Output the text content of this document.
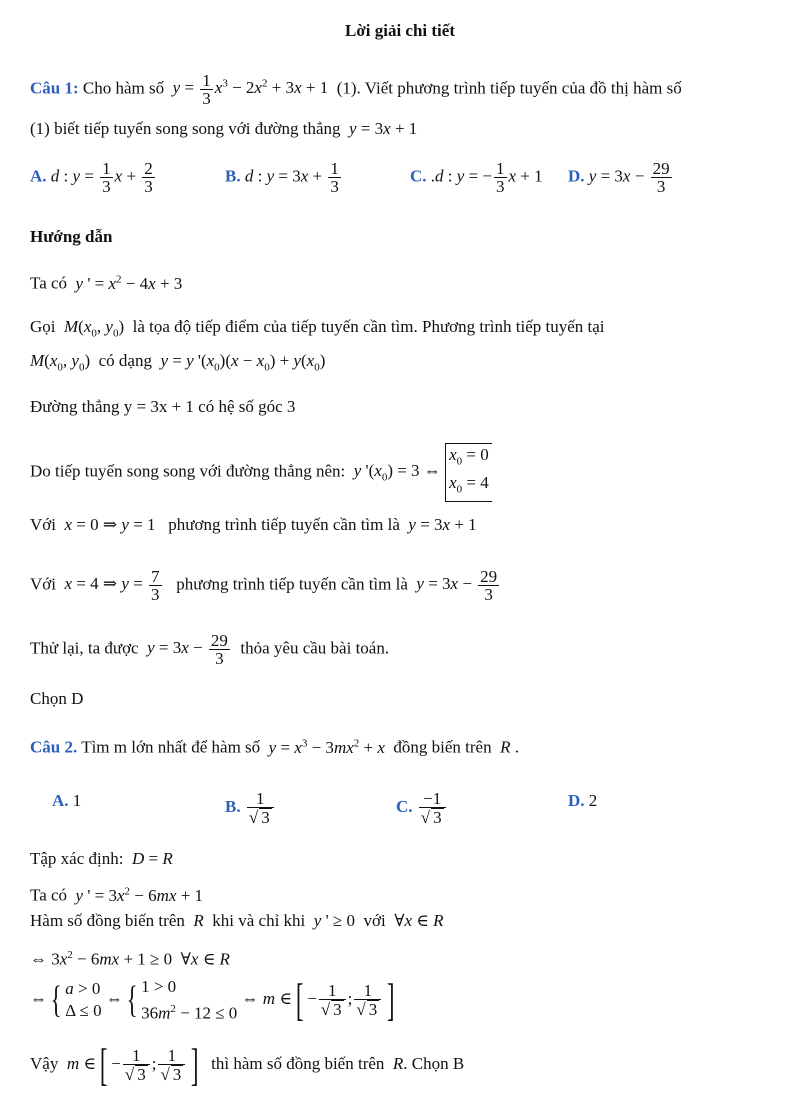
Lời giải chi tiết
Câu 1: Cho hàm số $y = \frac{1}{3} x^3 - 2x^2 + 3x + 1$  (1). Viết phương trình tiếp tuyến của đồ thị hàm số
(1) biết tiếp tuyến song song với đường thẳng y = 3x + 1
A. d : $y = \frac{1}{3}$ $x + \frac{2}{3}$	B. d : $y = 3x + \frac{1}{3}$	C. .d : y = − $\frac{1}{3}$ x + 1 D. $y = 3x - \frac{29}{3}$
Hướng dẫn
Ta có y ' = $x^2 - 4x + 3$
Gọi $M(x_0$, $y_0$)  là tọa độ tiếp điểm của tiếp tuyến cần tìm. Phương trình tiếp tuyến tại
$M(x_0$, $y_0$)  có dạng y = y '$(x_0)(x - x_0) + y(x_0)$
Đường thẳng y = 3x + 1 có hệ số góc 3
Do tiếp tuyến song song với đường thẳng nên: y '$(x_0) = 3$ ⇔ $x_0 = 0$
$x_0 = 4$
Với x = 0 ⇒ y = 1   phương trình tiếp tuyến cần tìm là y = 3x + 1
Với x = 4 ⇒ $y = \frac{7}{3}$ phương trình tiếp tuyến cần tìm là $y = 3x - \frac{29}{3}$
Thử lại, ta được $y = 3x - \frac{29}{3}$ thỏa yêu cầu bài toán.
Chọn D
Câu 2. Tìm m lớn nhất để hàm số $y = x^3 - 3mx^2 + x$ đồng biến trên R .
A. 1	B. $\frac{1}{√ 3}$	C. $\frac{-1}{√ 3}$	D. 2
Tập xác định: D = R
Ta có y ' = $3x^2 - 6mx + 1$
Hàm số đồng biến trên R khi và chỉ khi y ' ≥ 0  với  ∀x ∈ R
⇔ $3x^2 - 6mx + 1 \ge 0$  ∀x ∈ R
⇔{ a > 0
Δ ≤ 0 ⇔{ 1 > 0
$36m^2 - 12 \le 0$ ⇔ m ∈[ − $\frac{1}{√ 3}$ ; $\frac{1}{√ 3}$ ]
Vậy m ∈[ − $\frac{1}{√ 3}$ ; $\frac{1}{√ 3}$ ] thì hàm số đồng biến trên R. Chọn B
